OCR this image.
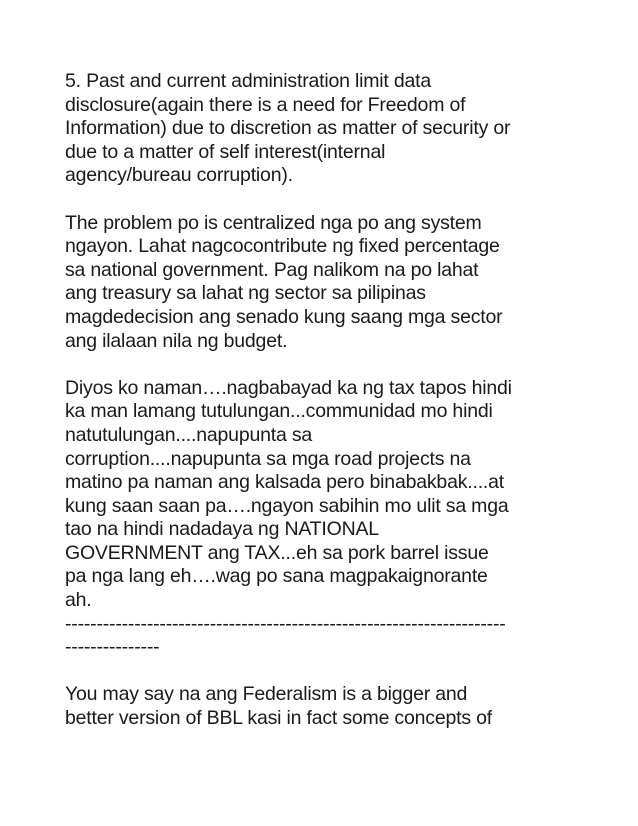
5. Past and current administration limit data
disclosure(again there is a need for Freedom of
Information) due to discretion as matter of security or
due to a matter of self interest(internal
agency/bureau corruption).
The problem po is centralized nga po ang system
ngayon. Lahat nagcocontribute ng fixed percentage
sa national government. Pag nalikom na po lahat
ang treasury sa lahat ng sector sa pilipinas
magdedecision ang senado kung saang mga sector
ang ilalaan nila ng budget.
Diyos ko naman….nagbabayad ka ng tax tapos hindi
ka man lamang tutulungan...communidad mo hindi
natutulungan....napupunta sa
corruption....napupunta sa mga road projects na
matino pa naman ang kalsada pero binabakbak....at
kung saan saan pa….ngayon sabihin mo ulit sa mga
tao na hindi nadadaya ng NATIONAL
GOVERNMENT ang TAX...eh sa pork barrel issue
pa nga lang eh….wag po sana magpakaignorante
ah.
----------------------------------------------------------------------
---------------
You may say na ang Federalism is a bigger and
better version of BBL kasi in fact some concepts of
